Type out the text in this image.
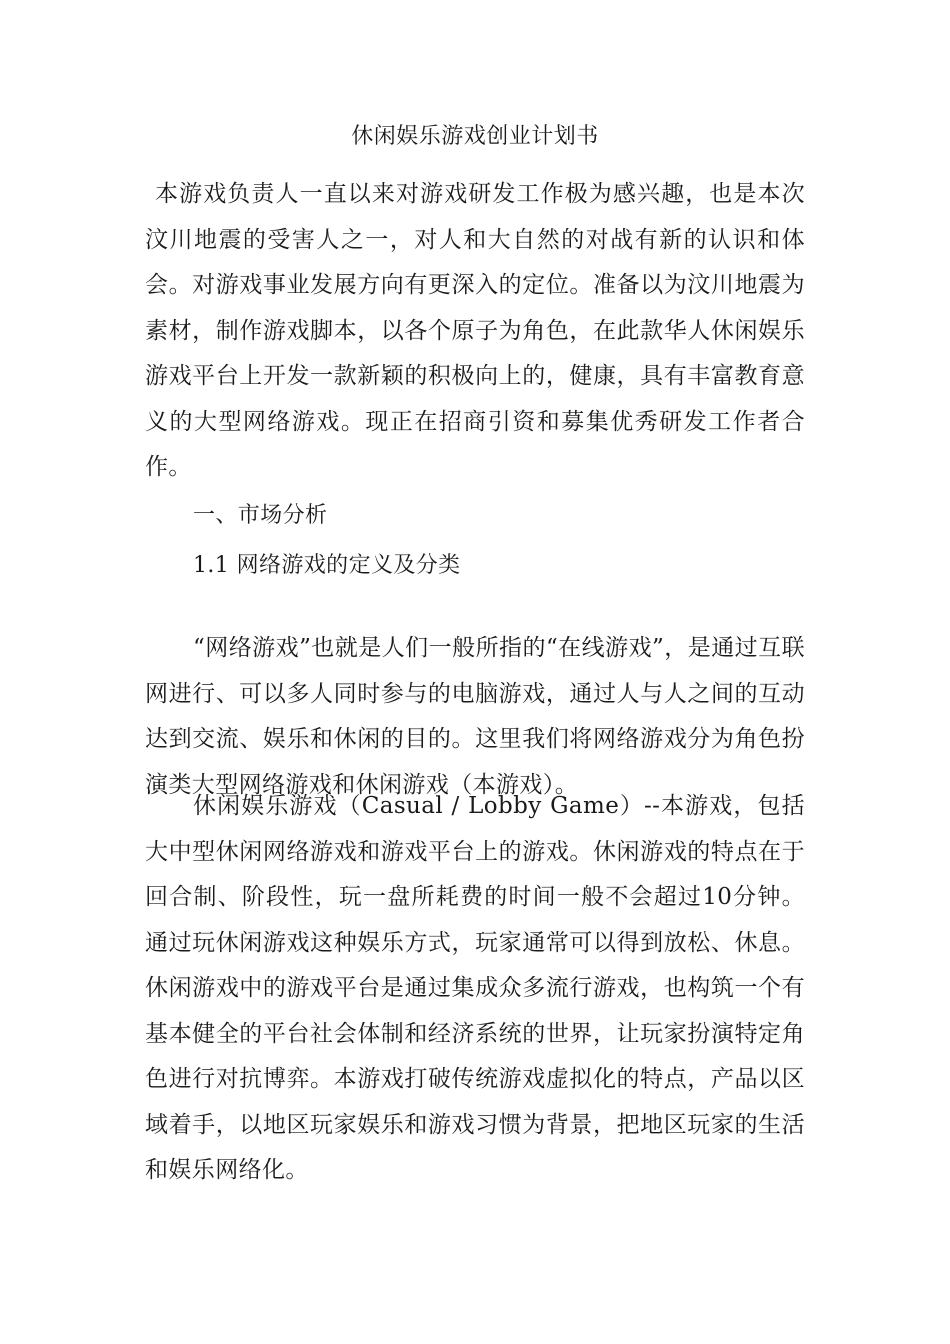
休闲娱乐游戏创业计划书
本游戏负责人一直以来对游戏研发工作极为感兴趣，也是本次汶川地震的受害人之一，对人和大自然的对战有新的认识和体会。对游戏事业发展方向有更深入的定位。准备以为汶川地震为素材，制作游戏脚本，以各个原子为角色，在此款华人休闲娱乐游戏平台上开发一款新颖的积极向上的，健康，具有丰富教育意义的大型网络游戏。现正在招商引资和募集优秀研发工作者合作。
一、市场分析
1.1 网络游戏的定义及分类
“网络游戏”也就是人们一般所指的“在线游戏”，是通过互联网进行、可以多人同时参与的电脑游戏，通过人与人之间的互动达到交流、娱乐和休闲的目的。这里我们将网络游戏分为角色扮演类大型网络游戏和休闲游戏（本游戏）。
休闲娱乐游戏（Casual / Lobby Game）--本游戏，包括大中型休闲网络游戏和游戏平台上的游戏。休闲游戏的特点在于回合制、阶段性，玩一盘所耗费的时间一般不会超过10分钟。通过玩休闲游戏这种娱乐方式，玩家通常可以得到放松、休息。休闲游戏中的游戏平台是通过集成众多流行游戏，也构筑一个有基本健全的平台社会体制和经济系统的世界，让玩家扮演特定角色进行对抗博弈。本游戏打破传统游戏虚拟化的特点，产品以区域着手，以地区玩家娱乐和游戏习惯为背景，把地区玩家的生活和娱乐网络化。
